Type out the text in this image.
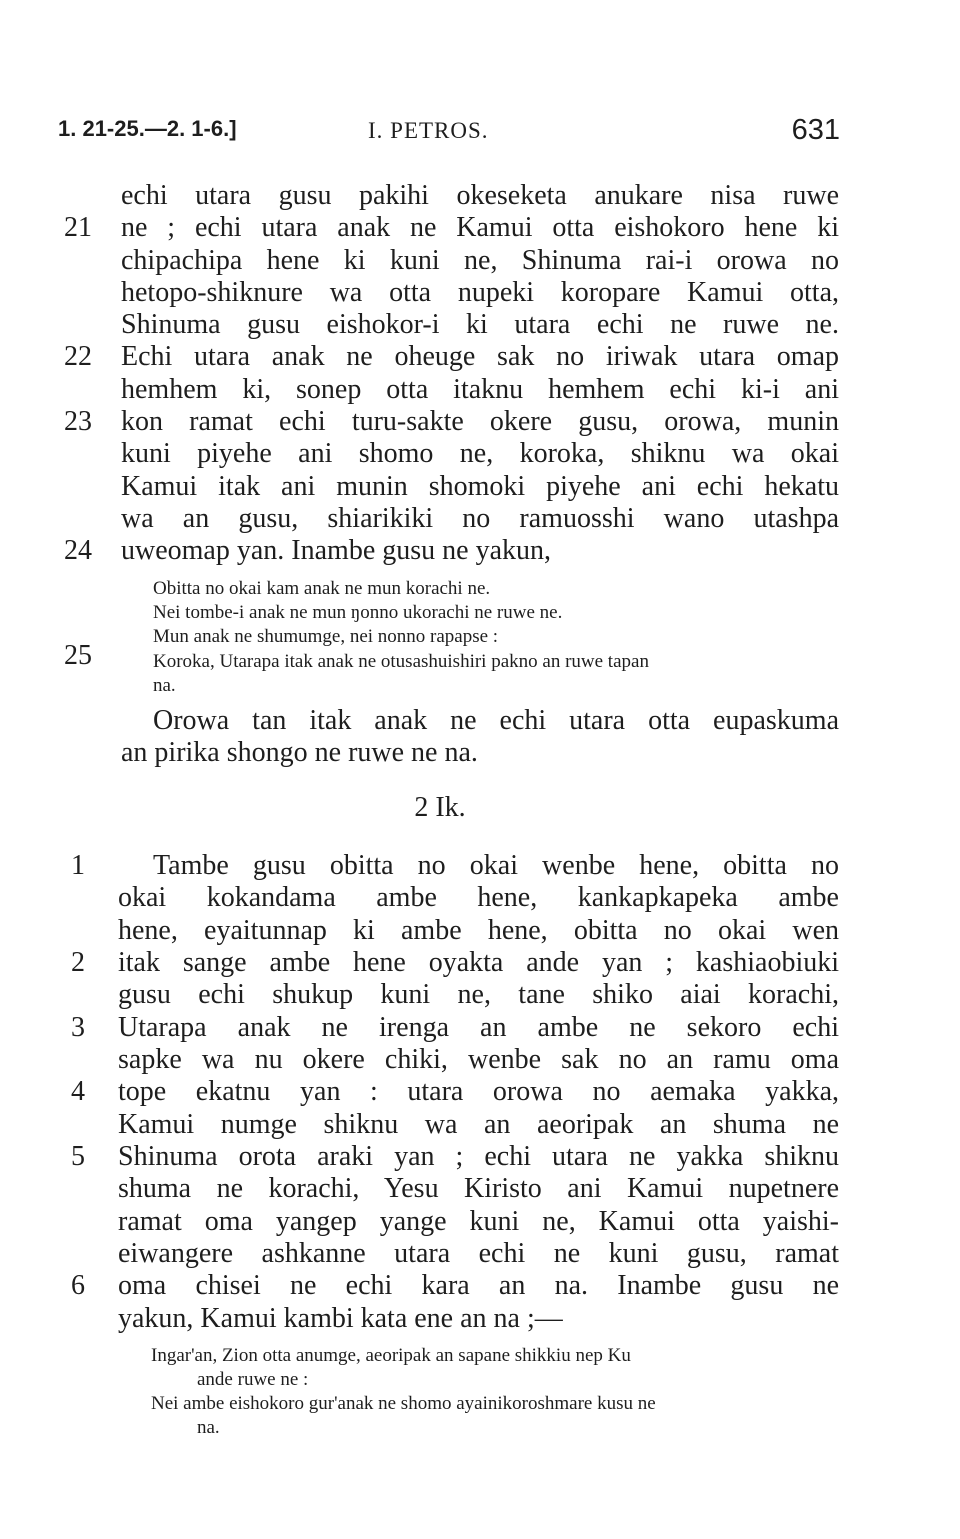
1. 21-25.—2. 1-6.]	I. PETROS.	631
echi utara gusu pakihi okeseketa anukare nisa ruwe
21 ne ; echi utara anak ne Kamui otta eishokoro hene ki
chipachipa hene ki kuni ne, Shinuma rai-i orowa no
hetopo-shiknure wa otta nupeki koropare Kamui otta,
Shinuma gusu eishokor-i ki utara echi ne ruwe ne.
22 Echi utara anak ne oheuge sak no iriwak utara omap
hemhem ki, sonep otta itaknu hemhem echi ki-i ani
23 kon ramat echi turu-sakte okere gusu, orowa, munin
kuni piyehe ani shomo ne, koroka, shiknu wa okai
Kamui itak ani munin shomoki piyehe ani echi hekatu
wa an gusu, shiarikiki no ramuosshi wano utashpa
24 uweomap yan. Inambe gusu ne yakun,
Obitta no okai kam anak ne mun korachi ne.
Nei tombe-i anak ne mun ŋonno ukorachi ne ruwe ne.
Mun anak ne shumumge, nei nonno rapapse :
25	Koroka, Utarapa itak anak ne otusashuishiri pakno an ruwe tapan
na.
Orowa tan itak anak ne echi utara otta eupaskuma
an pirika shongo ne ruwe ne na.
2 Ik.
1	Tambe gusu obitta no okai wenbe hene, obitta no
okai kokandama ambe hene, kankapkapeka ambe
hene, eyaitunnap ki ambe hene, obitta no okai wen
2	itak sange ambe hene oyakta ande yan ; kashiaobiuki
gusu echi shukup kuni ne, tane shiko aiai korachi,
3	Utarapa anak ne irenga an ambe ne sekoro echi
sapke wa nu okere chiki, wenbe sak no an ramu oma
4	tope ekatnu yan : utara orowa no aemaka yakka,
Kamui numge shiknu wa an aeoripak an shuma ne
5	Shinuma orota araki yan ; echi utara ne yakka shiknu
shuma ne korachi, Yesu Kiristo ani Kamui nupetnere
ramat oma yangep yange kuni ne, Kamui otta yaishi-
eiwangere ashkanne utara echi ne kuni gusu, ramat
6	oma chisei ne echi kara an na. Inambe gusu ne
yakun, Kamui kambi kata ene an na ;—
Ingar'an, Zion otta anumge, aeoripak an sapane shikkiu nep Ku
ande ruwe ne :
Nei ambe eishokoro gur'anak ne shomo ayainikoroshmare kusu ne
na.
